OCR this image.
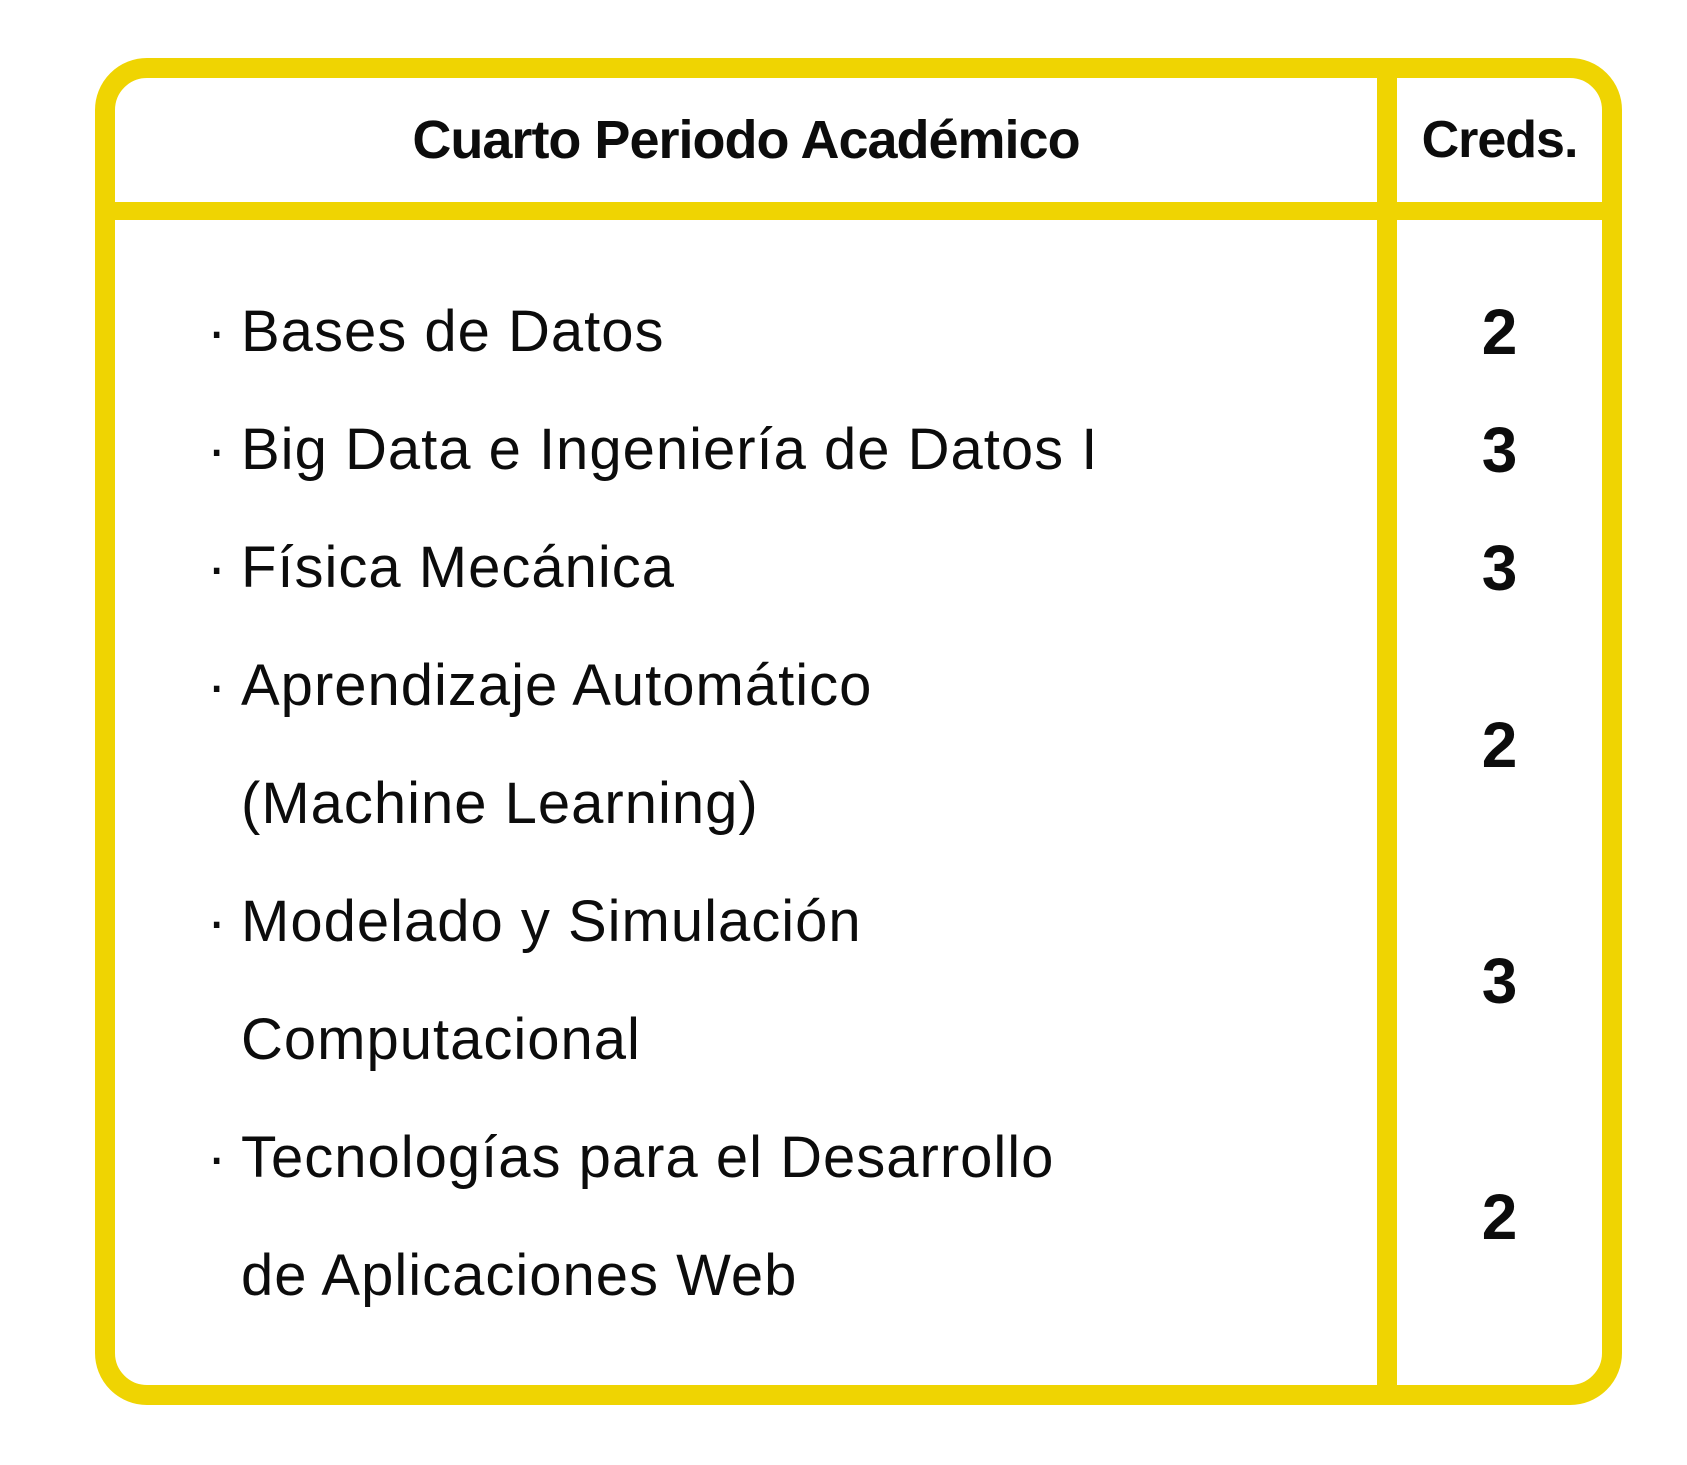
Cuarto Periodo Académico	Creds.
· Bases de Datos	2
· Big Data e Ingeniería de Datos I	3
· Física Mecánica	3
· Aprendizaje Automático
(Machine Learning)
2
· Modelado y Simulación
Computacional
3
· Tecnologías para el Desarrollo
de Aplicaciones Web
2
